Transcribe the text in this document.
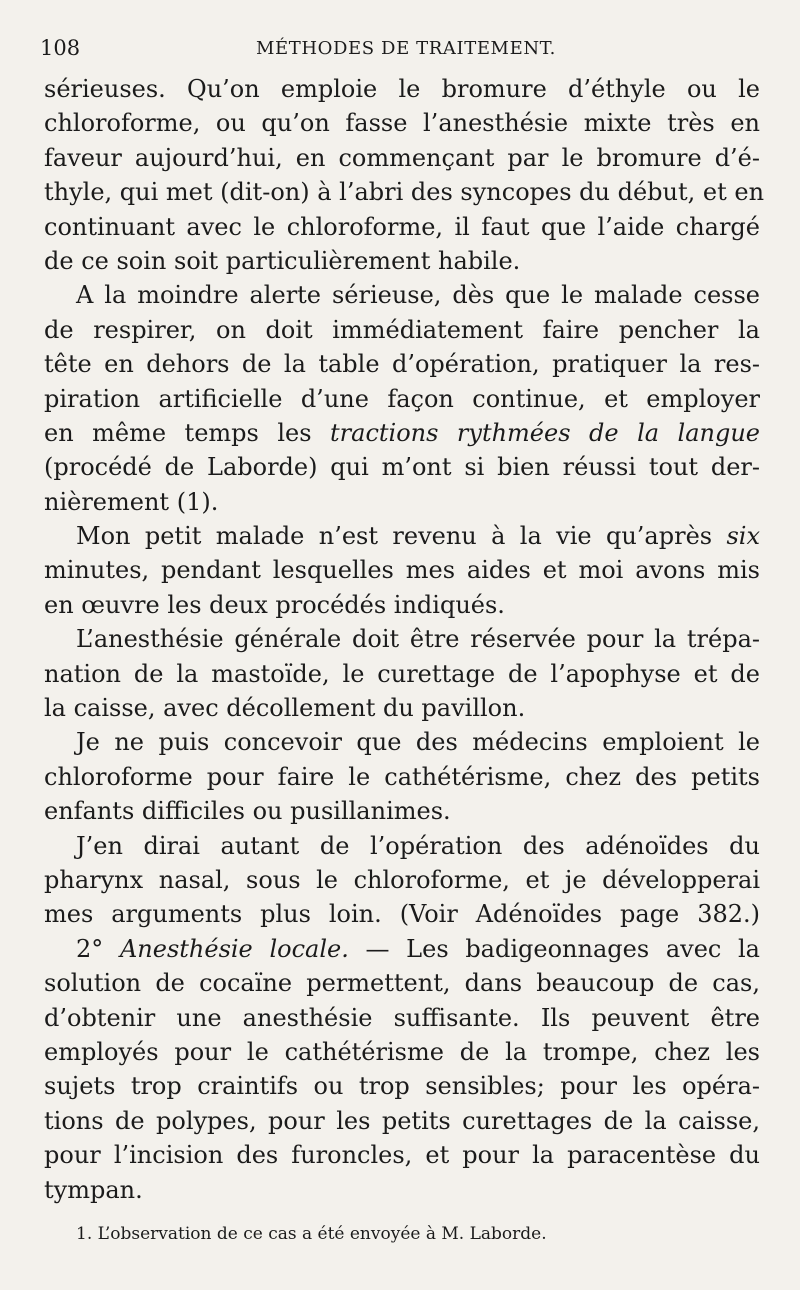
108	MÉTHODES DE TRAITEMENT.
sérieuses. Qu’on emploie le bromure d’éthyle ou le
chloroforme, ou qu’on fasse l’anesthésie mixte très en
faveur aujourd’hui, en commençant par le bromure d’é-
thyle, qui met (dit-on) à l’abri des syncopes du début, et en
continuant avec le chloroforme, il faut que l’aide chargé
de ce soin soit particulièrement habile.
A la moindre alerte sérieuse, dès que le malade cesse
de respirer, on doit immédiatement faire pencher la
tête en dehors de la table d’opération, pratiquer la res-
piration artificielle d’une façon continue, et employer
en même temps les tractions rythmées de la langue
(procédé de Laborde) qui m’ont si bien réussi tout der-
nièrement (1).
Mon petit malade n’est revenu à la vie qu’après six
minutes, pendant lesquelles mes aides et moi avons mis
en œuvre les deux procédés indiqués.
L’anesthésie générale doit être réservée pour la trépa-
nation de la mastoïde, le curettage de l’apophyse et de
la caisse, avec décollement du pavillon.
Je ne puis concevoir que des médecins emploient le
chloroforme pour faire le cathétérisme, chez des petits
enfants difficiles ou pusillanimes.
J’en dirai autant de l’opération des adénoïdes du
pharynx nasal, sous le chloroforme, et je développerai
mes arguments plus loin. (Voir Adénoïdes page 382.)
2° Anesthésie locale. — Les badigeonnages avec la
solution de cocaïne permettent, dans beaucoup de cas,
d’obtenir une anesthésie suffisante. Ils peuvent être
employés pour le cathétérisme de la trompe, chez les
sujets trop craintifs ou trop sensibles; pour les opéra-
tions de polypes, pour les petits curettages de la caisse,
pour l’incision des furoncles, et pour la paracentèse du
tympan.
1. L’observation de ce cas a été envoyée à M. Laborde.
